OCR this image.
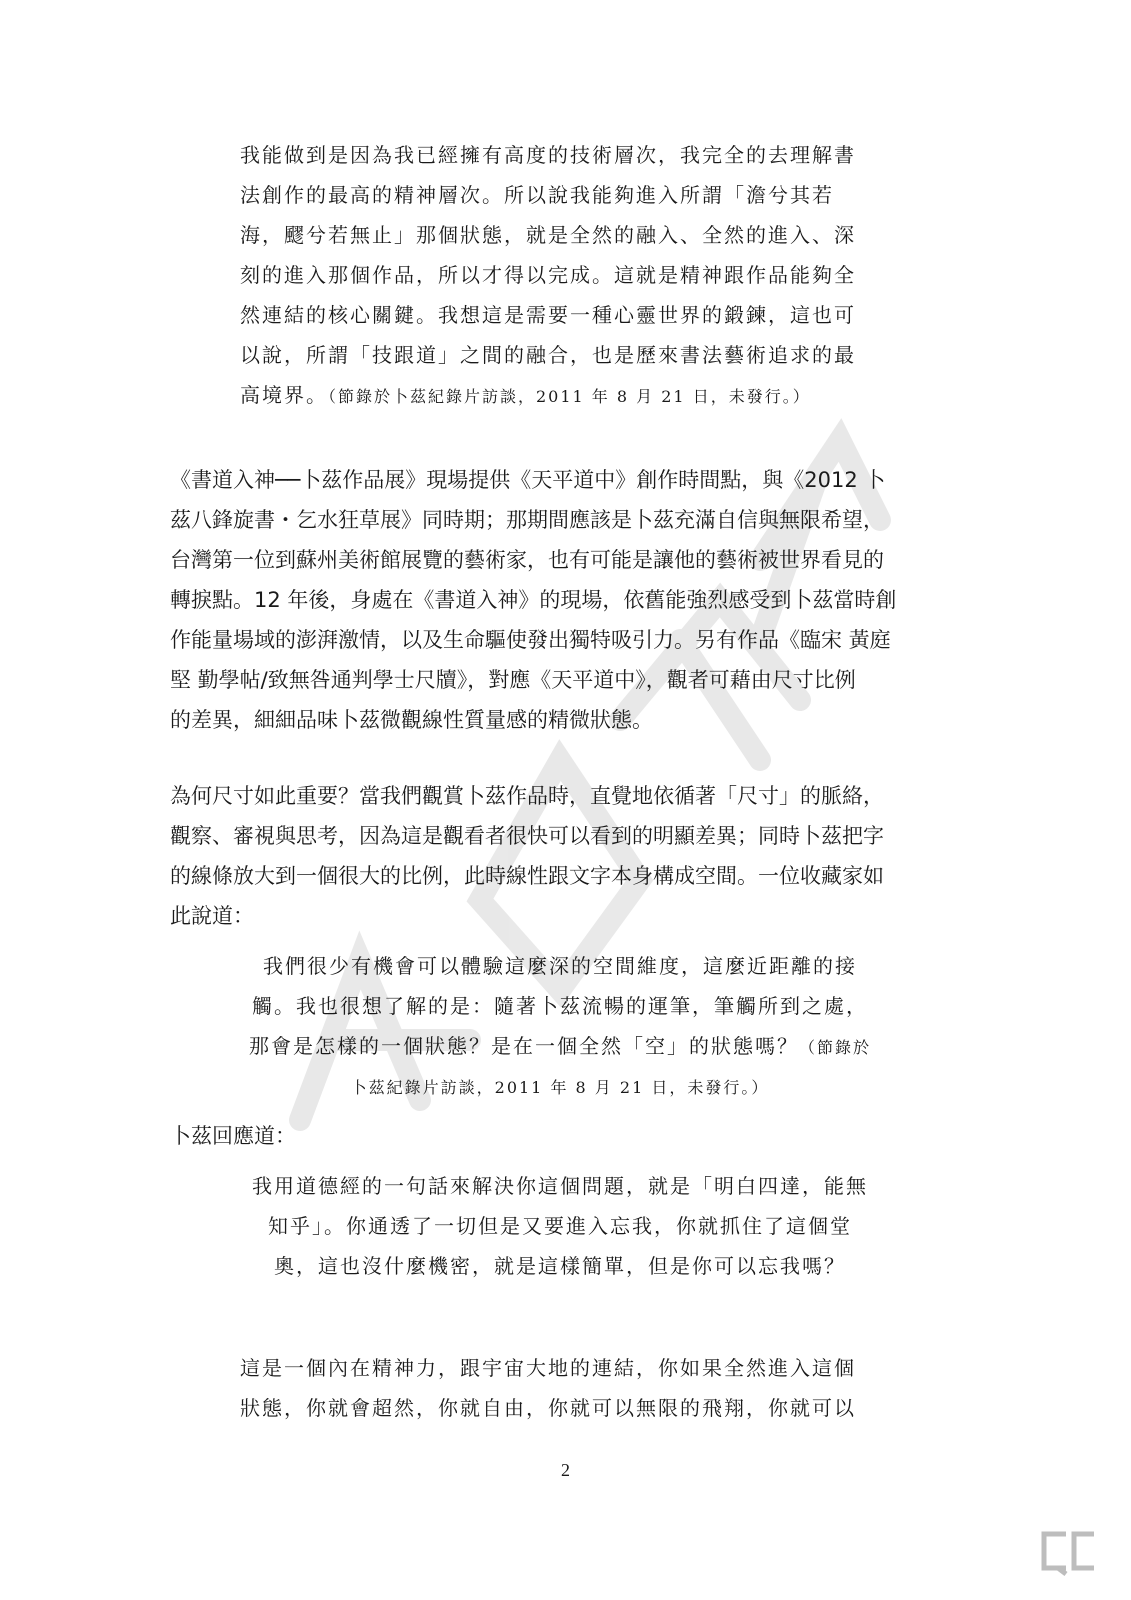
我能做到是因為我已經擁有高度的技術層次，我完全的去理解書
法創作的最高的精神層次。所以說我能夠進入所謂「澹兮其若
海，飂兮若無止」那個狀態，就是全然的融入、全然的進入、深
刻的進入那個作品，所以才得以完成。這就是精神跟作品能夠全
然連結的核心關鍵。我想這是需要一種心靈世界的鍛鍊，這也可
以說，所謂「技跟道」之間的融合，也是歷來書法藝術追求的最
高境界。（節錄於卜茲紀錄片訪談，2011 年 8 月 21 日，未發行。）
《書道入神──卜茲作品展》現場提供《天平道中》創作時間點，與《2012 卜
茲八鋒旋書・乞水狂草展》同時期；那期間應該是卜茲充滿自信與無限希望，
台灣第一位到蘇州美術館展覽的藝術家，也有可能是讓他的藝術被世界看見的
轉捩點。12 年後，身處在《書道入神》的現場，依舊能強烈感受到卜茲當時創
作能量場域的澎湃激情，以及生命驅使發出獨特吸引力。另有作品《臨宋 黃庭
堅 勤學帖/致無咎通判學士尺牘》，對應《天平道中》，觀者可藉由尺寸比例
的差異，細細品味卜茲微觀線性質量感的精微狀態。
為何尺寸如此重要？當我們觀賞卜茲作品時，直覺地依循著「尺寸」的脈絡，
觀察、審視與思考，因為這是觀看者很快可以看到的明顯差異；同時卜茲把字
的線條放大到一個很大的比例，此時線性跟文字本身構成空間。一位收藏家如
此說道：
我們很少有機會可以體驗這麼深的空間維度，這麼近距離的接
觸。我也很想了解的是：隨著卜茲流暢的運筆，筆觸所到之處，
那會是怎樣的一個狀態？是在一個全然「空」的狀態嗎？（節錄於
卜茲紀錄片訪談，2011 年 8 月 21 日，未發行。）
卜茲回應道：
我用道德經的一句話來解決你這個問題，就是「明白四達，能無
知乎」。你通透了一切但是又要進入忘我，你就抓住了這個堂
奧，這也沒什麼機密，就是這樣簡單，但是你可以忘我嗎？
這是一個內在精神力，跟宇宙大地的連結，你如果全然進入這個
狀態，你就會超然，你就自由，你就可以無限的飛翔，你就可以
2
